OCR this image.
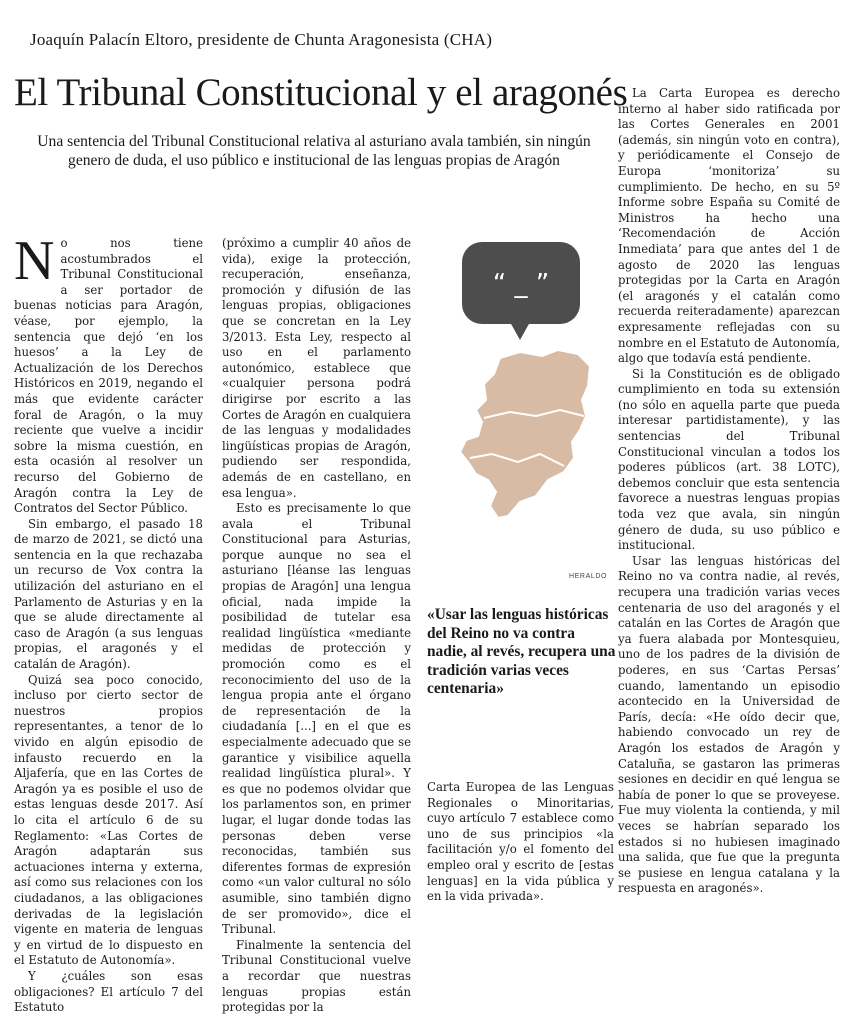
Joaquín Palacín Eltoro, presidente de Chunta Aragonesista (CHA)
El Tribunal Constitucional y el aragonés
Una sentencia del Tribunal Constitucional relativa al asturiano avala también, sin ningún
genero de duda, el uso público e institucional de las lenguas propias de Aragón

No nos tiene acostumbrados el Tribunal Constitucional a ser portador de buenas noticias para Aragón, véase, por ejemplo, la sentencia que dejó ‘en los huesos’ a la Ley de Actualización de los Derechos Históricos en 2019, negando el más que evidente carácter foral de Aragón, o la muy reciente que vuelve a incidir sobre la misma cuestión, en esta ocasión al resolver un recurso del Gobierno de Aragón contra la Ley de Contratos del Sector Público.

Sin embargo, el pasado 18 de marzo de 2021, se dictó una sentencia en la que rechazaba un recurso de Vox contra la utilización del asturiano en el Parlamento de Asturias y en la que se alude directamente al caso de Aragón (a sus lenguas propias, el aragonés y el catalán de Aragón).

Quizá sea poco conocido, incluso por cierto sector de nuestros propios representantes, a tenor de lo vivido en algún episodio de infausto recuerdo en la Aljafería, que en las Cortes de Aragón ya es posible el uso de estas lenguas desde 2017. Así lo cita el artículo 6 de su Reglamento: «Las Cortes de Aragón adaptarán sus actuaciones interna y externa, así como sus relaciones con los ciudadanos, a las obligaciones derivadas de la legislación vigente en materia de lenguas y en virtud de lo dispuesto en el Estatuto de Autonomía».

Y ¿cuáles son esas obligaciones? El artículo 7 del Estatuto

(próximo a cumplir 40 años de vida), exige la protección, recuperación, enseñanza, promoción y difusión de las lenguas propias, obligaciones que se concretan en la Ley 3/2013. Esta Ley, respecto al uso en el parlamento autonómico, establece que «cualquier persona podrá dirigirse por escrito a las Cortes de Aragón en cualquiera de las lenguas y modalidades lingüísticas propias de Aragón, pudiendo ser respondida, además de en castellano, en esa lengua».

Esto es precisamente lo que avala el Tribunal Constitucional para Asturias, porque aunque no sea el asturiano [léanse las lenguas propias de Aragón] una lengua oficial, nada impide la posibilidad de tutelar esa realidad lingüística «mediante medidas de protección y promoción como es el reconocimiento del uso de la lengua propia ante el órgano de representación de la ciudadanía [...] en el que es especialmente adecuado que se garantice y visibilice aquella realidad lingüística plural». Y es que no podemos olvidar que los parlamentos son, en primer lugar, el lugar donde todas las personas deben verse reconocidas, también sus diferentes formas de expresión como «un valor cultural no sólo asumible, sino también digno de ser promovido», dice el Tribunal.

Finalmente la sentencia del Tribunal Constitucional vuelve a recordar que nuestras lenguas propias están protegidas por la

“ _ ”
HERALDO
«Usar las lenguas históricas del Reino no va contra nadie, al revés, recupera una tradición varias veces centenaria»

Carta Europea de las Lenguas Regionales o Minoritarias, cuyo artículo 7 establece como uno de sus principios «la facilitación y/o el fomento del empleo oral y escrito de [estas lenguas] en la vida pública y en la vida privada».

La Carta Europea es derecho interno al haber sido ratificada por las Cortes Generales en 2001 (además, sin ningún voto en contra), y periódicamente el Consejo de Europa ‘monitoriza’ su cumplimiento. De hecho, en su 5º Informe sobre España su Comité de Ministros ha hecho una ‘Recomendación de Acción Inmediata’ para que antes del 1 de agosto de 2020 las lenguas protegidas por la Carta en Aragón (el aragonés y el catalán como recuerda reiteradamente) aparezcan expresamente reflejadas con su nombre en el Estatuto de Autonomía, algo que todavía está pendiente.

Si la Constitución es de obligado cumplimiento en toda su extensión (no sólo en aquella parte que pueda interesar partidistamente), y las sentencias del Tribunal Constitucional vinculan a todos los poderes públicos (art. 38 LOTC), debemos concluir que esta sentencia favorece a nuestras lenguas propias toda vez que avala, sin ningún género de duda, su uso público e institucional.

Usar las lenguas históricas del Reino no va contra nadie, al revés, recupera una tradición varias veces centenaria de uso del aragonés y el catalán en las Cortes de Aragón que ya fuera alabada por Montesquieu, uno de los padres de la división de poderes, en sus ‘Cartas Persas’ cuando, lamentando un episodio acontecido en la Universidad de París, decía: «He oído decir que, habiendo convocado un rey de Aragón los estados de Aragón y Cataluña, se gastaron las primeras sesiones en decidir en qué lengua se había de poner lo que se proveyese. Fue muy violenta la contienda, y mil veces se habrían separado los estados si no hubiesen imaginado una salida, que fue que la pregunta se pusiese en lengua catalana y la respuesta en aragonés».
